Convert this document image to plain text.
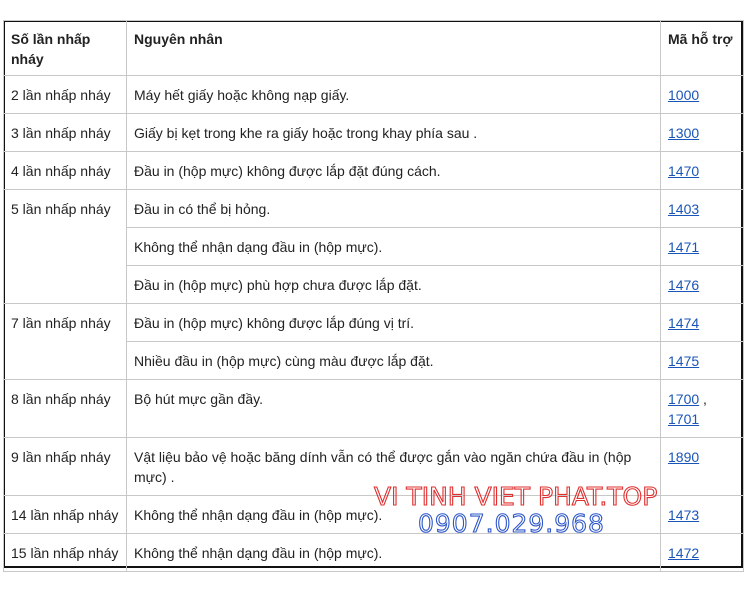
Số lần nhấp nháy	Nguyên nhân	Mã hỗ trợ
2 lần nhấp nháy	Máy hết giấy hoặc không nạp giấy.	1000
3 lần nhấp nháy	Giấy bị kẹt trong khe ra giấy hoặc trong khay phía sau .	1300
4 lần nhấp nháy	Đầu in (hộp mực) không được lắp đặt đúng cách.	1470
5 lần nhấp nháy	Đầu in có thể bị hỏng.	1403
	Không thể nhận dạng đầu in (hộp mực).	1471
	Đầu in (hộp mực) phù hợp chưa được lắp đặt.	1476
7 lần nhấp nháy	Đầu in (hộp mực) không được lắp đúng vị trí.	1474
	Nhiều đầu in (hộp mực) cùng màu được lắp đặt.	1475
8 lần nhấp nháy	Bộ hút mực gần đầy.	1700 ,
1701
9 lần nhấp nháy	Vật liệu bảo vệ hoặc băng dính vẫn có thể được gắn vào ngăn chứa đầu in (hộp mực) .	1890
14 lần nhấp nháy	Không thể nhận dạng đầu in (hộp mực).	1473
15 lần nhấp nháy	Không thể nhận dạng đầu in (hộp mực).	1472
